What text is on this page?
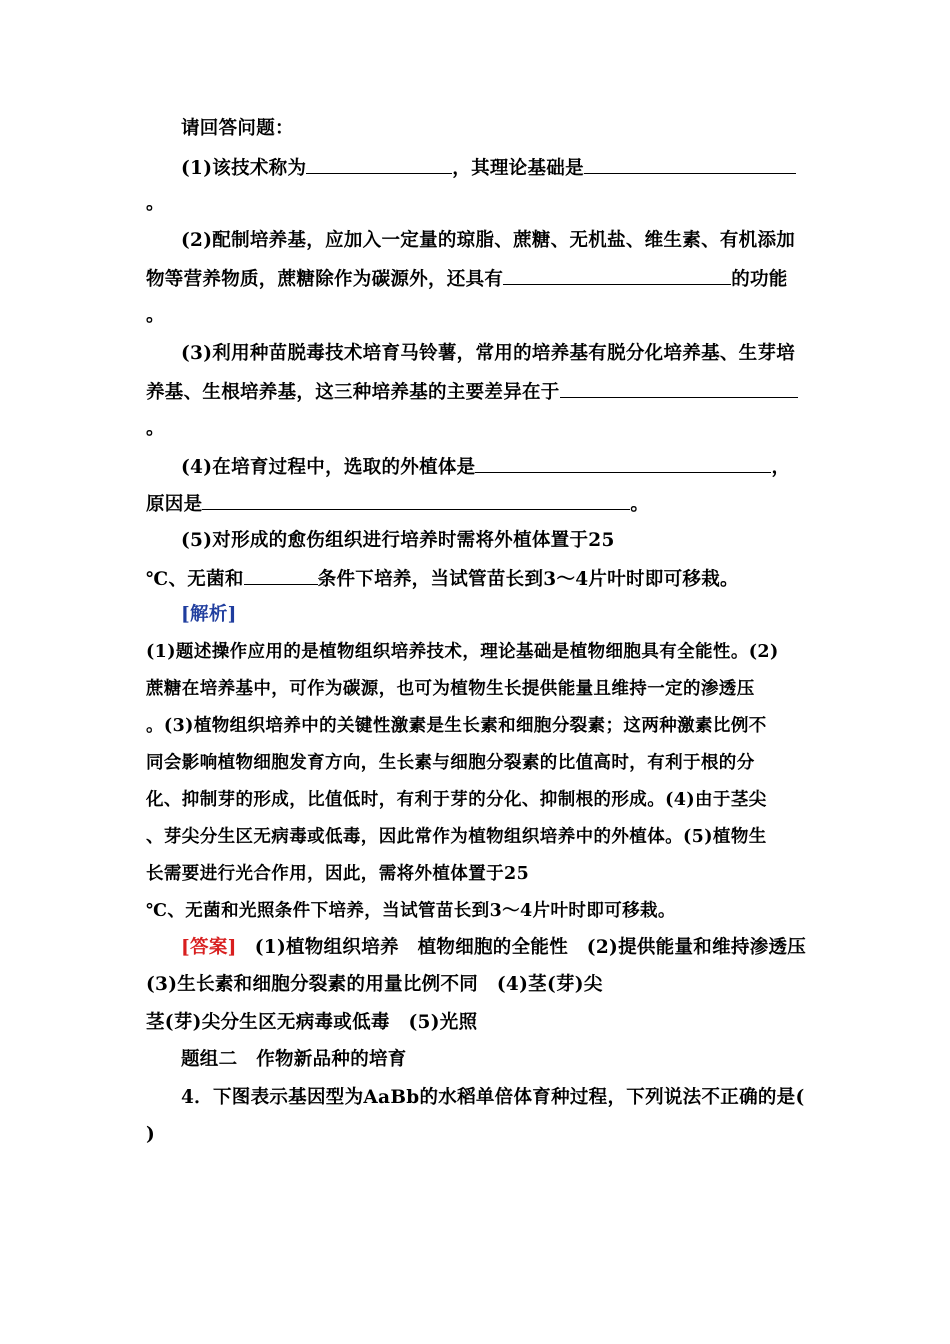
请回答问题：
(1)该技术称为	，其理论基础是
。
(2)配制培养基，应加入一定量的琼脂、蔗糖、无机盐、维生素、有机添加
物等营养物质，蔗糖除作为碳源外，还具有	的功能
。
(3)利用种苗脱毒技术培育马铃薯，常用的培养基有脱分化培养基、生芽培
养基、生根培养基，这三种培养基的主要差异在于
。
(4)在培育过程中，选取的外植体是	，
原因是	。
(5)对形成的愈伤组织进行培养时需将外植体置于25
℃、无菌和	条件下培养，当试管苗长到3～4片叶时即可移栽。
[解析]
(1)题述操作应用的是植物组织培养技术，理论基础是植物细胞具有全能性。(2)
蔗糖在培养基中，可作为碳源，也可为植物生长提供能量且维持一定的渗透压
。(3)植物组织培养中的关键性激素是生长素和细胞分裂素；这两种激素比例不
同会影响植物细胞发育方向，生长素与细胞分裂素的比值高时，有利于根的分
化、抑制芽的形成，比值低时，有利于芽的分化、抑制根的形成。(4)由于茎尖
、芽尖分生区无病毒或低毒，因此常作为植物组织培养中的外植体。(5)植物生
长需要进行光合作用，因此，需将外植体置于25
℃、无菌和光照条件下培养，当试管苗长到3～4片叶时即可移栽。
[答案] (1)植物组织培养　植物细胞的全能性　(2)提供能量和维持渗透压
(3)生长素和细胞分裂素的用量比例不同　(4)茎(芽)尖
茎(芽)尖分生区无病毒或低毒　(5)光照
题组二　作物新品种的培育
4．下图表示基因型为AaBb的水稻单倍体育种过程，下列说法不正确的是(
)
